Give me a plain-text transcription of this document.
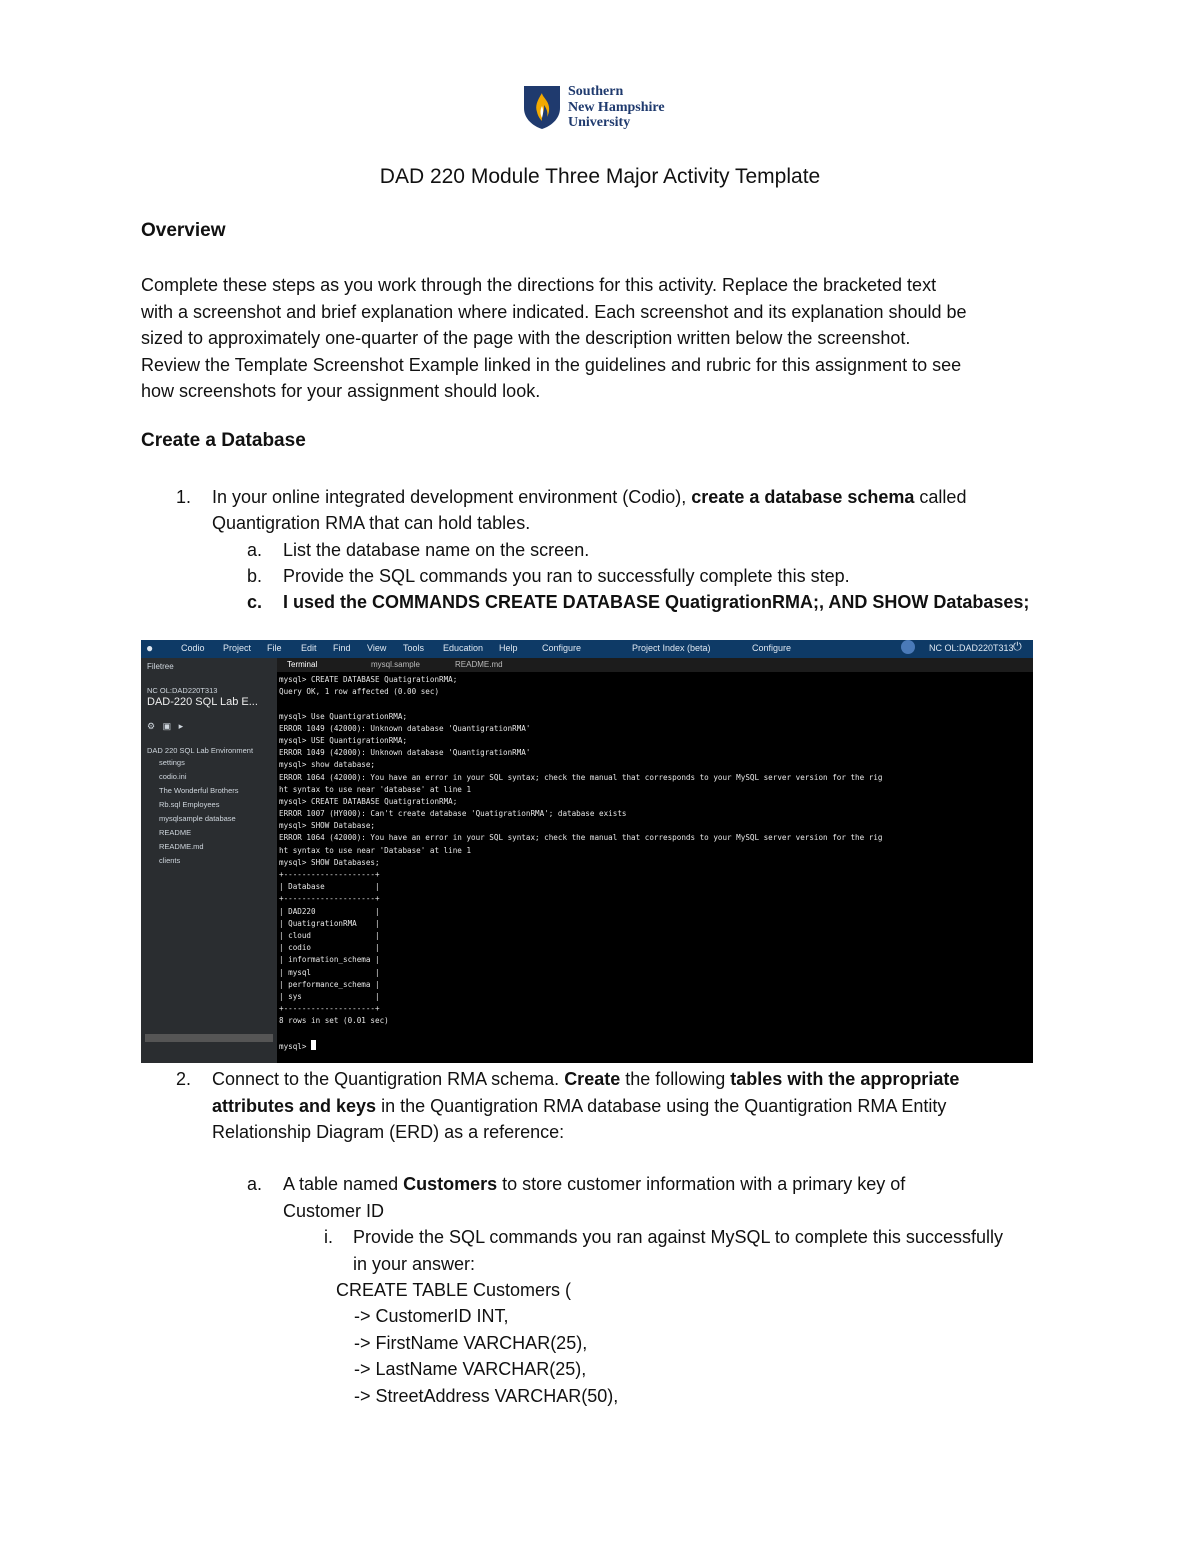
Southern
New Hampshire
University
DAD 220 Module Three Major Activity Template
Overview
Complete these steps as you work through the directions for this activity. Replace the bracketed text
with a screenshot and brief explanation where indicated. Each screenshot and its explanation should be
sized to approximately one-quarter of the page with the description written below the screenshot.
Review the Template Screenshot Example linked in the guidelines and rubric for this assignment to see
how screenshots for your assignment should look.
Create a Database
1. In your online integrated development environment (Codio), create a database schema called
Quantigration RMA that can hold tables.
a. List the database name on the screen.
b. Provide the SQL commands you ran to successfully complete this step.
c. I used the COMMANDS CREATE DATABASE QuatigrationRMA;, AND SHOW Databases;
●	Codio Project File Edit Find View Tools Education Help	Configure	Project Index (beta)	Configure	NC OL:DAD220T313 ⏻
Filetree
NC OL:DAD220T313
DAD-220 SQL Lab E...
⚙   ▣   ▸
DAD 220 SQL Lab Environment
settings
codio.ini
The Wonderful Brothers
Rb.sql Employees
mysqlsample database
README
README.md
clients
Terminal	mysql.sample	README.md
mysql> CREATE DATABASE QuatigrationRMA;
Query OK, 1 row affected (0.00 sec)
mysql> Use QuantigrationRMA;
ERROR 1049 (42000): Unknown database 'QuantigrationRMA'
mysql> USE QuantigrationRMA;
ERROR 1049 (42000): Unknown database 'QuantigrationRMA'
mysql> show database;
ERROR 1064 (42000): You have an error in your SQL syntax; check the manual that corresponds to your MySQL server version for the rig
ht syntax to use near 'database' at line 1
mysql> CREATE DATABASE QuatigrationRMA;
ERROR 1007 (HY000): Can't create database 'QuatigrationRMA'; database exists
mysql> SHOW Database;
ERROR 1064 (42000): You have an error in your SQL syntax; check the manual that corresponds to your MySQL server version for the rig
ht syntax to use near 'Database' at line 1
mysql> SHOW Databases;
+--------------------+
| Database           |
+--------------------+
| DAD220             |
| QuatigrationRMA    |
| cloud              |
| codio              |
| information_schema |
| mysql              |
| performance_schema |
| sys                |
+--------------------+
8 rows in set (0.01 sec)
mysql>
2. Connect to the Quantigration RMA schema. Create the following tables with the appropriate
attributes and keys in the Quantigration RMA database using the Quantigration RMA Entity
Relationship Diagram (ERD) as a reference:
a. A table named Customers to store customer information with a primary key of
Customer ID
i. Provide the SQL commands you ran against MySQL to complete this successfully
in your answer:
CREATE TABLE Customers (
-> CustomerID INT,
-> FirstName VARCHAR(25),
-> LastName VARCHAR(25),
-> StreetAddress VARCHAR(50),
